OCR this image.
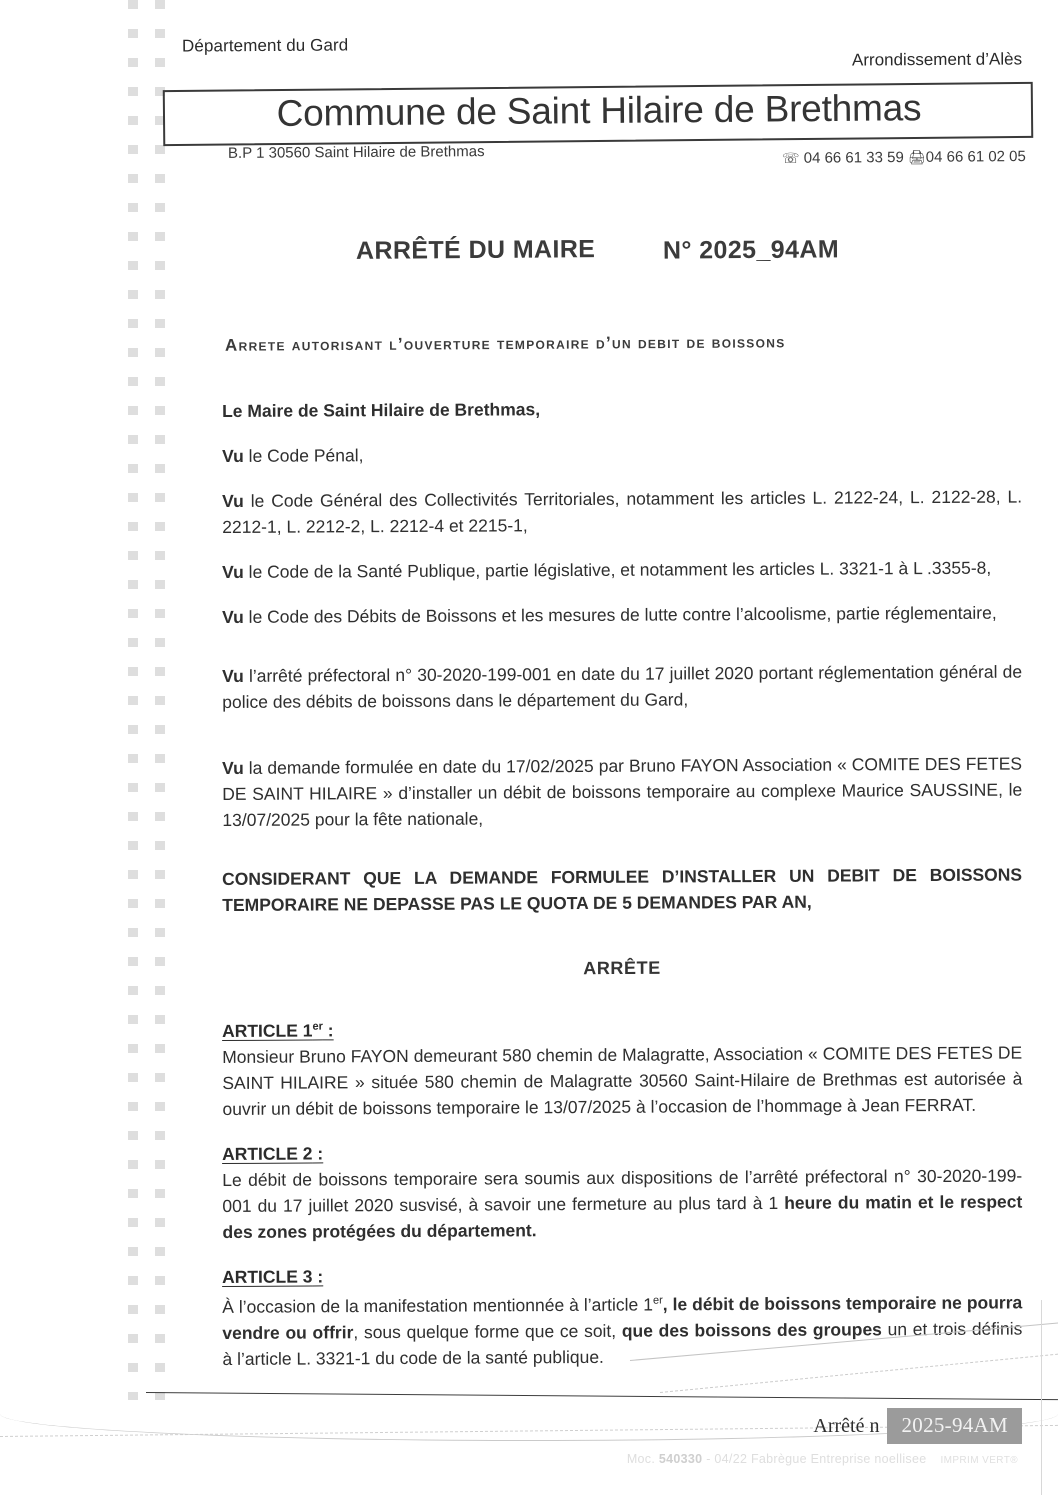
Département du Gard
Arrondissement d’Alès
Commune de Saint Hilaire de Brethmas
B.P 1 30560 Saint Hilaire de Brethmas	☏ 04 66 61 33 59 🖨04 66 61 02 05
ARRÊTÉ DU MAIRE	N° 2025_94AM
Arrete autorisant l’ouverture temporaire d’un debit de boissons

Le Maire de Saint Hilaire de Brethmas,

Vu le Code Pénal,

Vu le Code Général des Collectivités Territoriales, notamment les articles L. 2122-24, L. 2122-28, L. 2212-1, L. 2212-2, L. 2212-4 et 2215-1,

Vu le Code de la Santé Publique, partie législative, et notamment les articles L. 3321-1 à L .3355-8,

Vu le Code des Débits de Boissons et les mesures de lutte contre l’alcoolisme, partie réglementaire,

Vu l’arrêté préfectoral n° 30-2020-199-001 en date du 17 juillet 2020 portant réglementation général de police des débits de boissons dans le département du Gard,

Vu la demande formulée en date du 17/02/2025 par Bruno FAYON Association « COMITE DES FETES DE SAINT HILAIRE » d’installer un débit de boissons temporaire au complexe Maurice SAUSSINE, le 13/07/2025 pour la fête nationale,

CONSIDERANT QUE LA DEMANDE FORMULEE D’INSTALLER UN DEBIT DE BOISSONS TEMPORAIRE NE DEPASSE PAS LE QUOTA DE 5 DEMANDES PAR AN,

ARRÊTE

ARTICLE 1er :

Monsieur Bruno FAYON demeurant 580 chemin de Malagratte, Association « COMITE DES FETES DE SAINT HILAIRE » située 580 chemin de Malagratte 30560 Saint-Hilaire de Brethmas est autorisée à ouvrir un débit de boissons temporaire le 13/07/2025 à l’occasion de l’hommage à Jean FERRAT.

ARTICLE 2 :

Le débit de boissons temporaire sera soumis aux dispositions de l’arrêté préfectoral n° 30-2020-199-001 du 17 juillet 2020 susvisé, à savoir une fermeture au plus tard à 1 heure du matin et le respect des zones protégées du département.

ARTICLE 3 :

À l’occasion de la manifestation mentionnée à l’article 1er, le débit de boissons temporaire ne pourra vendre ou offrir, sous quelque forme que ce soit, que des boissons des groupes un et trois définis à l’article L. 3321-1 du code de la santé publique.

Arrêté n	2025-94AM
Moc. 540330 - 04/22 Fabrègue Entreprise noellisee IMPRIM VERT®
